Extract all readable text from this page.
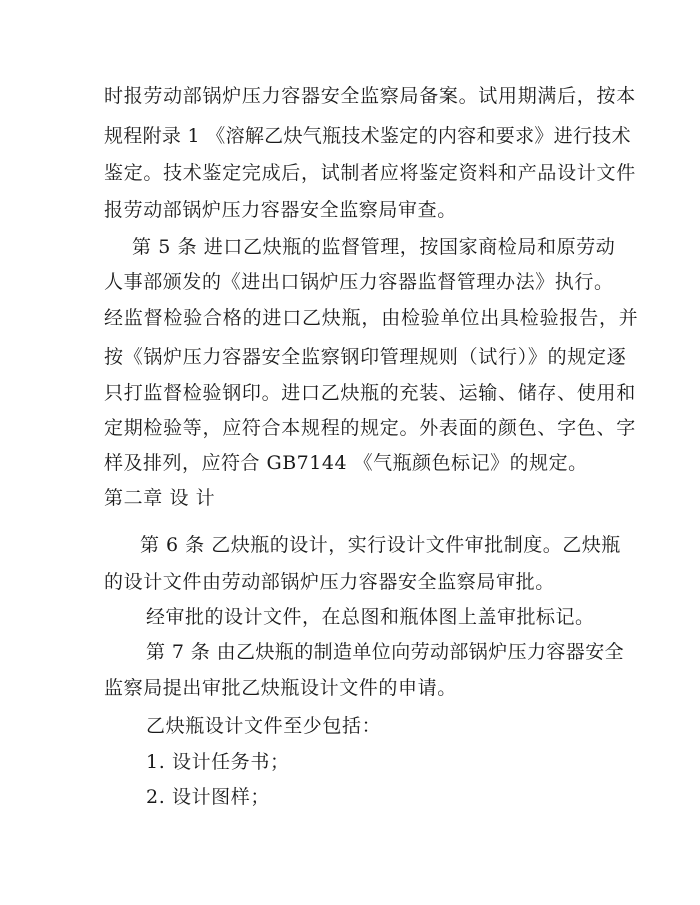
时报劳动部锅炉压力容器安全监察局备案。试用期满后，按本
规程附录 1 《溶解乙炔气瓶技术鉴定的内容和要求》进行技术
鉴定。技术鉴定完成后，试制者应将鉴定资料和产品设计文件
报劳动部锅炉压力容器安全监察局审查。
第 5 条 进口乙炔瓶的监督管理，按国家商检局和原劳动
人事部颁发的《进出口锅炉压力容器监督管理办法》执行。
经监督检验合格的进口乙炔瓶，由检验单位出具检验报告，并
按《锅炉压力容器安全监察钢印管理规则（试行）》的规定逐
只打监督检验钢印。进口乙炔瓶的充装、运输、储存、使用和
定期检验等，应符合本规程的规定。外表面的颜色、字色、字
样及排列，应符合 GB7144 《气瓶颜色标记》的规定。
第二章 设 计
第 6 条 乙炔瓶的设计，实行设计文件审批制度。乙炔瓶
的设计文件由劳动部锅炉压力容器安全监察局审批。
经审批的设计文件，在总图和瓶体图上盖审批标记。
第 7 条 由乙炔瓶的制造单位向劳动部锅炉压力容器安全
监察局提出审批乙炔瓶设计文件的申请。
乙炔瓶设计文件至少包括：
1. 设计任务书；
2. 设计图样；
